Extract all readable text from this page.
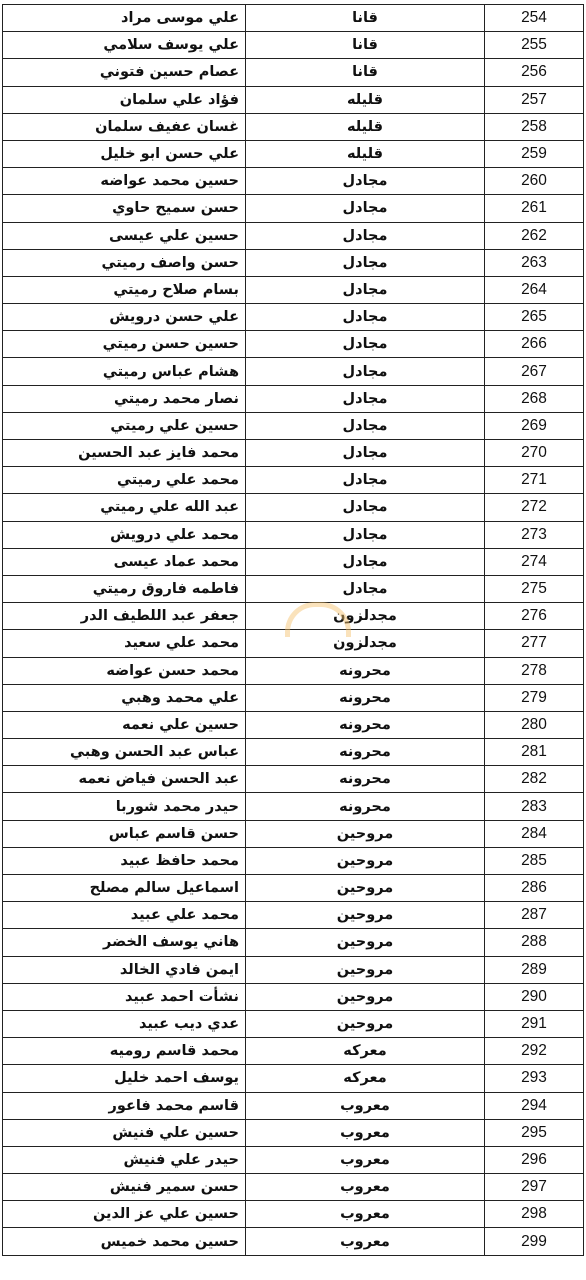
علي موسى مراد	قانا	254
علي يوسف سلامي	قانا	255
عصام حسين فتوني	قانا	256
فؤاد علي سلمان	قليله	257
غسان عفيف سلمان	قليله	258
علي حسن ابو خليل	قليله	259
حسين محمد عواضه	مجادل	260
حسن سميح حاوي	مجادل	261
حسين علي عيسى	مجادل	262
حسن واصف رميتي	مجادل	263
بسام صلاح رميتي	مجادل	264
علي حسن درويش	مجادل	265
حسين حسن رميتي	مجادل	266
هشام عباس رميتي	مجادل	267
نصار محمد رميتي	مجادل	268
حسين علي رميتي	مجادل	269
محمد فايز عبد الحسين	مجادل	270
محمد علي رميتي	مجادل	271
عبد الله علي رميتي	مجادل	272
محمد علي درويش	مجادل	273
محمد عماد عيسى	مجادل	274
فاطمه فاروق رميتي	مجادل	275
جعفر عبد اللطيف الدر	مجدلزون	276
محمد علي سعيد	مجدلزون	277
محمد حسن عواضه	محرونه	278
علي محمد وهبي	محرونه	279
حسين علي نعمه	محرونه	280
عباس عبد الحسن وهبي	محرونه	281
عبد الحسن فياض نعمه	محرونه	282
حيدر محمد شوربا	محرونه	283
حسن قاسم عباس	مروحين	284
محمد حافظ عبيد	مروحين	285
اسماعيل سالم مصلح	مروحين	286
محمد علي عبيد	مروحين	287
هاني يوسف الخضر	مروحين	288
ايمن فادي الخالد	مروحين	289
نشأت احمد عبيد	مروحين	290
عدي ديب عبيد	مروحين	291
محمد قاسم روميه	معركه	292
يوسف احمد خليل	معركه	293
قاسم محمد فاعور	معروب	294
حسين علي فنيش	معروب	295
حيدر علي فنيش	معروب	296
حسن سمير فنيش	معروب	297
حسين علي عز الدين	معروب	298
حسين محمد خميس	معروب	299
